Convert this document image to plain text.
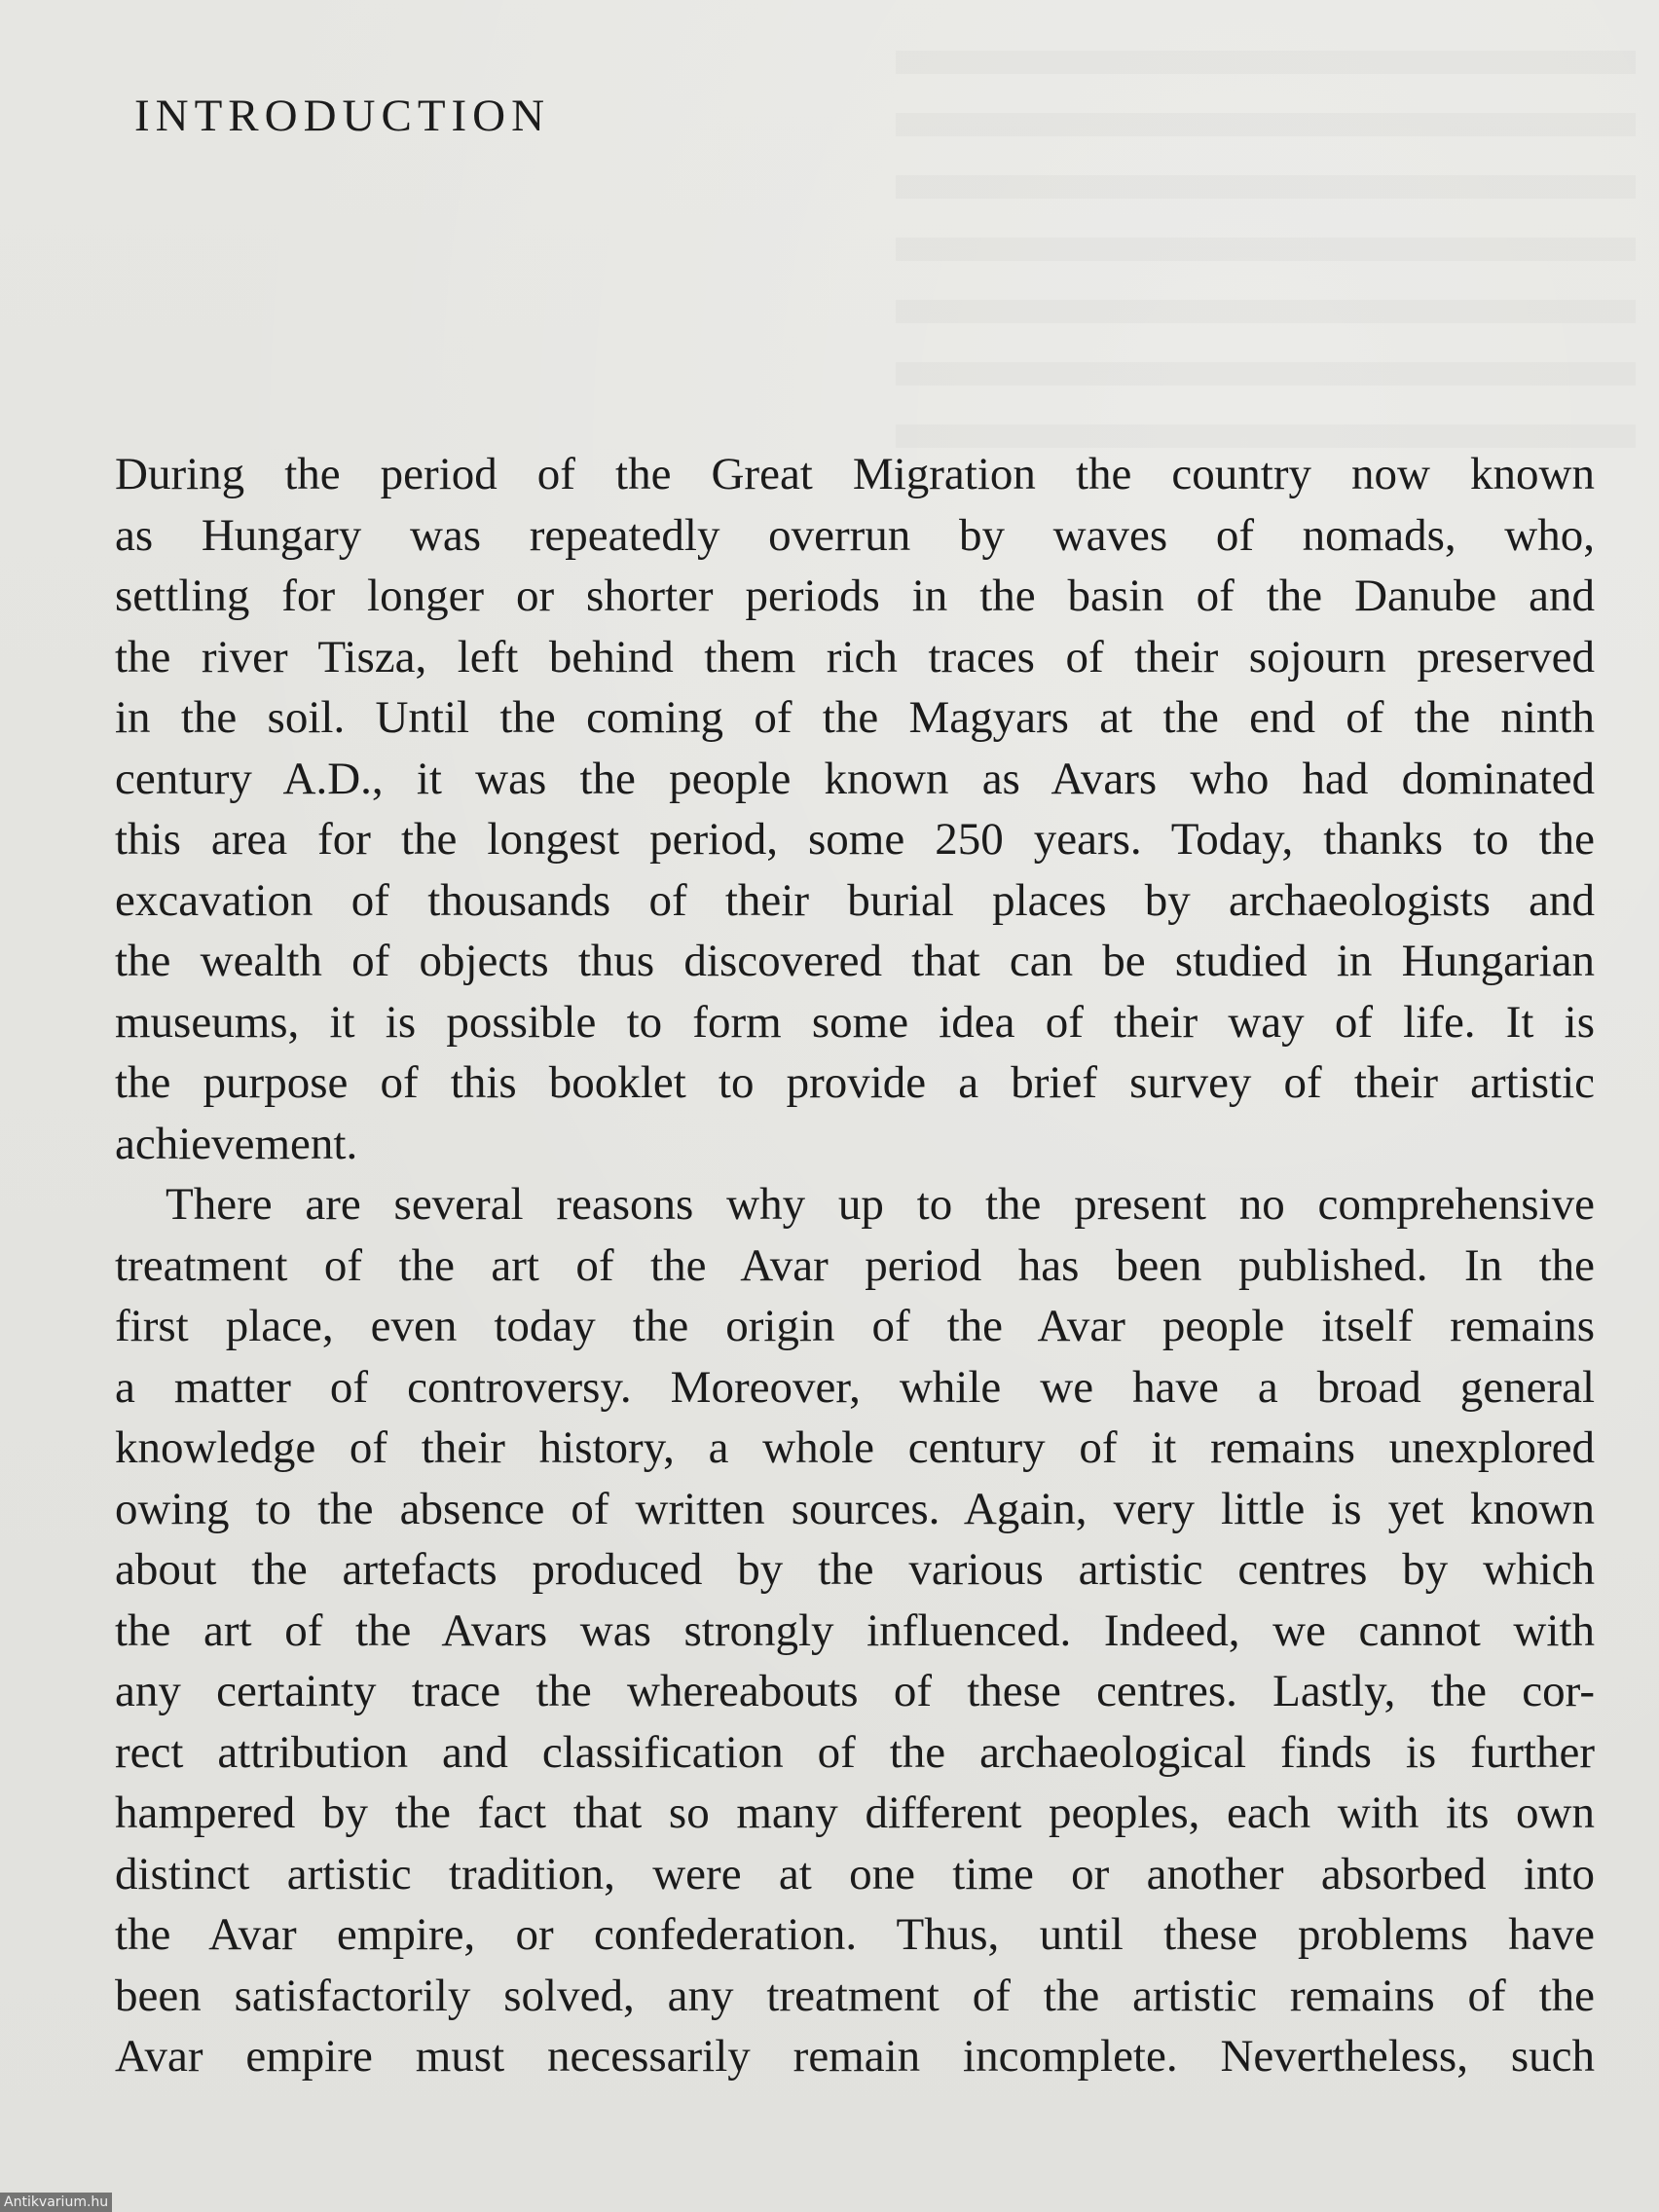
INTRODUCTION
During the period of the Great Migration the country now known
as Hungary was repeatedly overrun by waves of nomads, who,
settling for longer or shorter periods in the basin of the Danube and
the river Tisza, left behind them rich traces of their sojourn preserved
in the soil. Until the coming of the Magyars at the end of the ninth
century A.D., it was the people known as Avars who had dominated
this area for the longest period, some 250 years. Today, thanks to the
excavation of thousands of their burial places by archaeologists and
the wealth of objects thus discovered that can be studied in Hungarian
museums, it is possible to form some idea of their way of life. It is
the purpose of this booklet to provide a brief survey of their artistic
achievement.
There are several reasons why up to the present no comprehensive
treatment of the art of the Avar period has been published. In the
first place, even today the origin of the Avar people itself remains
a matter of controversy. Moreover, while we have a broad general
knowledge of their history, a whole century of it remains unexplored
owing to the absence of written sources. Again, very little is yet known
about the artefacts produced by the various artistic centres by which
the art of the Avars was strongly influenced. Indeed, we cannot with
any certainty trace the whereabouts of these centres. Lastly, the cor-
rect attribution and classification of the archaeological finds is further
hampered by the fact that so many different peoples, each with its own
distinct artistic tradition, were at one time or another absorbed into
the Avar empire, or confederation. Thus, until these problems have
been satisfactorily solved, any treatment of the artistic remains of the
Avar empire must necessarily remain incomplete. Nevertheless, such
Antikvarium.hu
